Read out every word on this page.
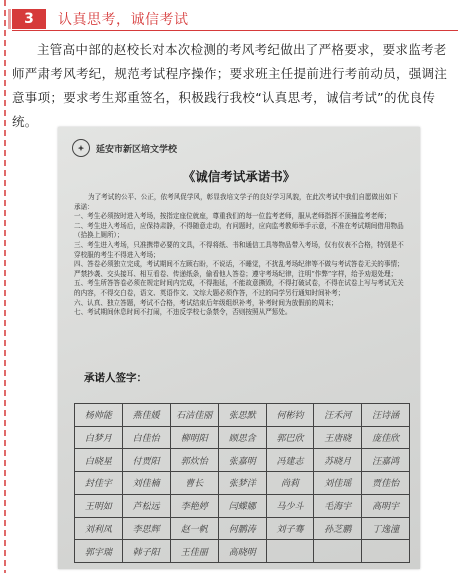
3	认真思考，诚信考试

主管高中部的赵校长对本次检测的考风考纪做出了严格要求，要求监考老师严肃考风考纪，规范考试程序操作；要求班主任提前进行考前动员，强调注意事项；要求考生郑重签名，积极践行我校“认真思考，诚信考试”的优良传统。

✦	延安市新区培文学校
《诚信考试承诺书》

为了考试的公平、公正，依考风促学风，彰显我培文学子的良好学习风貌，在此次考试中我们自愿做出如下承诺：

一、考生必须按时进入考场，按指定座位就座，尊重我们的每一位监考老师，服从老师指挥不顶撞监考老师；

二、考生进入考场后，应保持肃静，不得随意走动，有问题时，应向监考教师举手示意，不准在考试期间借用物品（拾换上厕所）；

三、考生进入考场，只准携带必要的文具，不得将纸、书和通信工具等物品带入考场，仅有仪表不合格，特别是不穿校服的考生不得进入考场；

四、答卷必须独立完成，考试期间不左顾右盼，不说话，不睡觉，不扰乱考场纪律等不做与考试答卷无关的事情；严禁抄袭、交头接耳、相互看卷、传递纸条，偷看他人答卷；遵守考场纪律，注明“作弊”字样，给予劝退处理；

五、考生所答答卷必须在规定时间内完成，不得拖延，不能故意撕毁，不得打破试卷，不得在试卷上写与考试无关的内容，不得交白卷，语文、英语作文、文综大题必须作答，不过的同学另行通知时间补考；

六、认真、独立答题，考试不合格，考试结束后年级组织补考，补考时间为放假前的周末；

七、考试期间休息时间不打闹，不违反学校七条禁令，否则按照从严惩处。

承诺人签字：
杨帅能	燕佳媛	石洁佳丽	张思默	何彬钧	汪禾河	汪诗涵
白梦月	白佳怡	柳明阳	顾思含	郭巴欣	王唐晓	庞佳欣
白晓星	付贾阳	郭炊怡	张嘉明	冯建志	苏晓月	汪嘉鸿
封佳宇	刘佳楠	曹长	张梦洋	尚莉	刘佳瑶	贾佳怡
王明如	芦松远	李艳婷	闫蝶娜	马少斗	毛海宇	高明宇
刘利凤	李思辉	赵一帆	何鹏涛	刘子骞	孙芝鹏	丁逸潼
郭宇瑞	韩子阳	王佳丽	高晓明			
